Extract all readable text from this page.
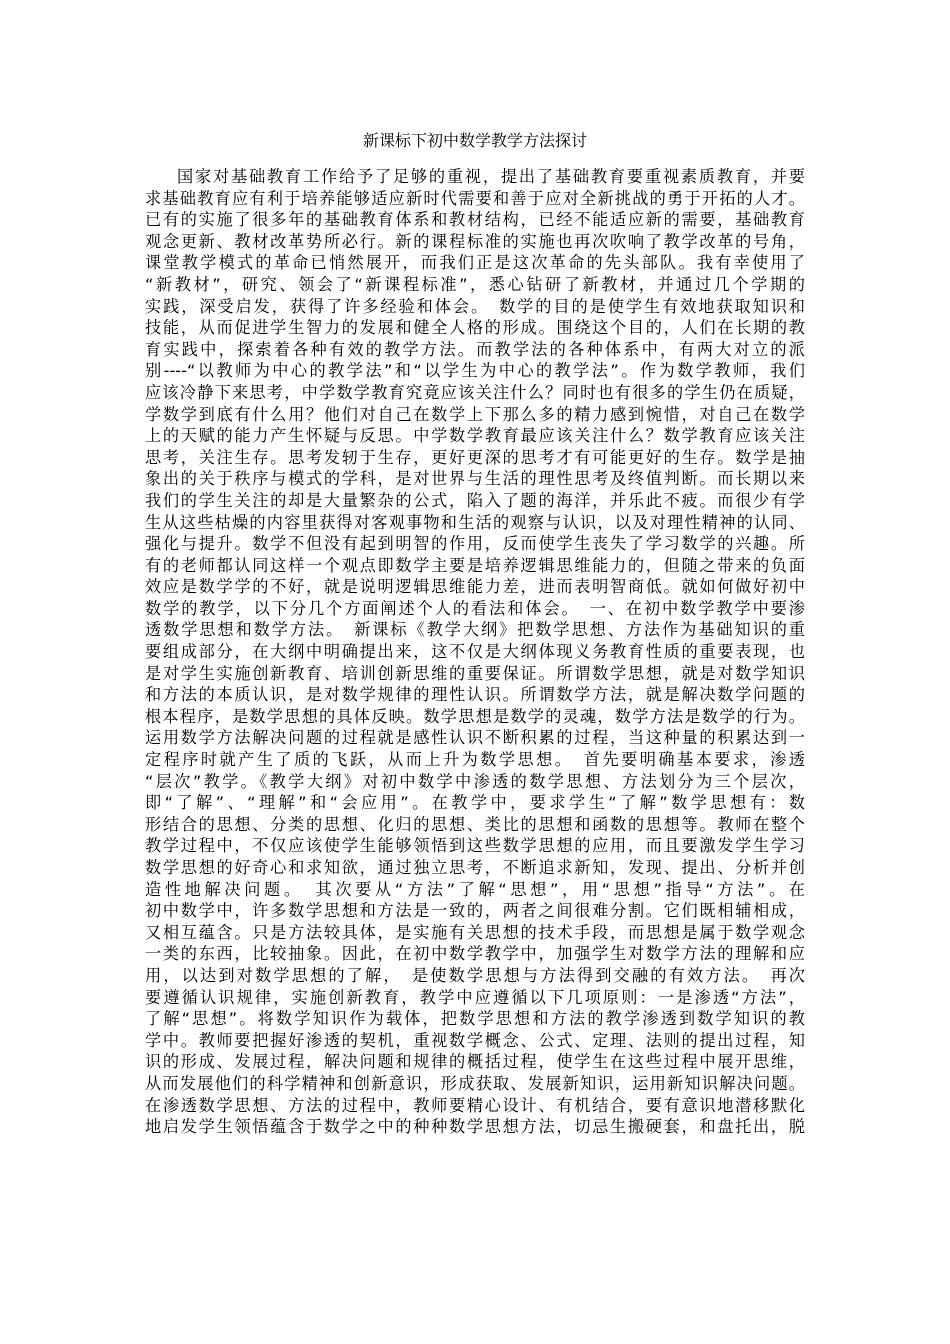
新课标下初中数学教学方法探讨
国家对基础教育工作给予了足够的重视，提出了基础教育要重视素质教育，并要
求基础教育应有利于培养能够适应新时代需要和善于应对全新挑战的勇于开拓的人才。
已有的实施了很多年的基础教育体系和教材结构，已经不能适应新的需要，基础教育
观念更新、教材改革势所必行。新的课程标准的实施也再次吹响了教学改革的号角，
课堂教学模式的革命已悄然展开，而我们正是这次革命的先头部队。我有幸使用了
“新教材”，研究、领会了“新课程标准”，悉心钻研了新教材，并通过几个学期的
实践，深受启发，获得了许多经验和体会。　数学的目的是使学生有效地获取知识和
技能，从而促进学生智力的发展和健全人格的形成。围绕这个目的，人们在长期的教
育实践中，探索着各种有效的教学方法。而教学法的各种体系中，有两大对立的派
别----“以教师为中心的教学法”和“以学生为中心的教学法”。作为数学教师，我们
应该冷静下来思考，中学数学教育究竟应该关注什么？同时也有很多的学生仍在质疑，
学数学到底有什么用？他们对自己在数学上下那么多的精力感到惋惜，对自己在数学
上的天赋的能力产生怀疑与反思。中学数学教育最应该关注什么？数学教育应该关注
思考，关注生存。思考发轫于生存，更好更深的思考才有可能更好的生存。数学是抽
象出的关于秩序与模式的学科，是对世界与生活的理性思考及终值判断。而长期以来
我们的学生关注的却是大量繁杂的公式，陷入了题的海洋，并乐此不疲。而很少有学
生从这些枯燥的内容里获得对客观事物和生活的观察与认识，以及对理性精神的认同、
强化与提升。数学不但没有起到明智的作用，反而使学生丧失了学习数学的兴趣。所
有的老师都认同这样一个观点即数学主要是培养逻辑思维能力的，但随之带来的负面
效应是数学学的不好，就是说明逻辑思维能力差，进而表明智商低。就如何做好初中
数学的教学，以下分几个方面阐述个人的看法和体会。　一、在初中数学教学中要渗
透数学思想和数学方法。　新课标《教学大纲》把数学思想、方法作为基础知识的重
要组成部分，在大纲中明确提出来，这不仅是大纲体现义务教育性质的重要表现，也
是对学生实施创新教育、培训创新思维的重要保证。所谓数学思想，就是对数学知识
和方法的本质认识，是对数学规律的理性认识。所谓数学方法，就是解决数学问题的
根本程序，是数学思想的具体反映。数学思想是数学的灵魂，数学方法是数学的行为。
运用数学方法解决问题的过程就是感性认识不断积累的过程，当这种量的积累达到一
定程序时就产生了质的飞跃，从而上升为数学思想。　首先要明确基本要求，渗透
“层次”教学。《教学大纲》对初中数学中渗透的数学思想、方法划分为三个层次，
即“了解”、“理解”和“会应用”。在教学中，要求学生“了解”数学思想有：数
形结合的思想、分类的思想、化归的思想、类比的思想和函数的思想等。教师在整个
教学过程中，不仅应该使学生能够领悟到这些数学思想的应用，而且要激发学生学习
数学思想的好奇心和求知欲，通过独立思考，不断追求新知，发现、提出、分析并创
造性地解决问题。　其次要从“方法”了解“思想”，用“思想”指导“方法”。在
初中数学中，许多数学思想和方法是一致的，两者之间很难分割。它们既相辅相成，
又相互蕴含。只是方法较具体，是实施有关思想的技术手段，而思想是属于数学观念
一类的东西，比较抽象。因此，在初中数学教学中，加强学生对数学方法的理解和应
用，以达到对数学思想的了解，　是使数学思想与方法得到交融的有效方法。　再次
要遵循认识规律，实施创新教育，教学中应遵循以下几项原则：一是渗透“方法”，
了解“思想”。将数学知识作为载体，把数学思想和方法的教学渗透到数学知识的教
学中。教师要把握好渗透的契机，重视数学概念、公式、定理、法则的提出过程，知
识的形成、发展过程，解决问题和规律的概括过程，使学生在这些过程中展开思维，
从而发展他们的科学精神和创新意识，形成获取、发展新知识，运用新知识解决问题。
在渗透数学思想、方法的过程中，教师要精心设计、有机结合，要有意识地潜移默化
地启发学生领悟蕴含于数学之中的种种数学思想方法，切忌生搬硬套，和盘托出，脱
